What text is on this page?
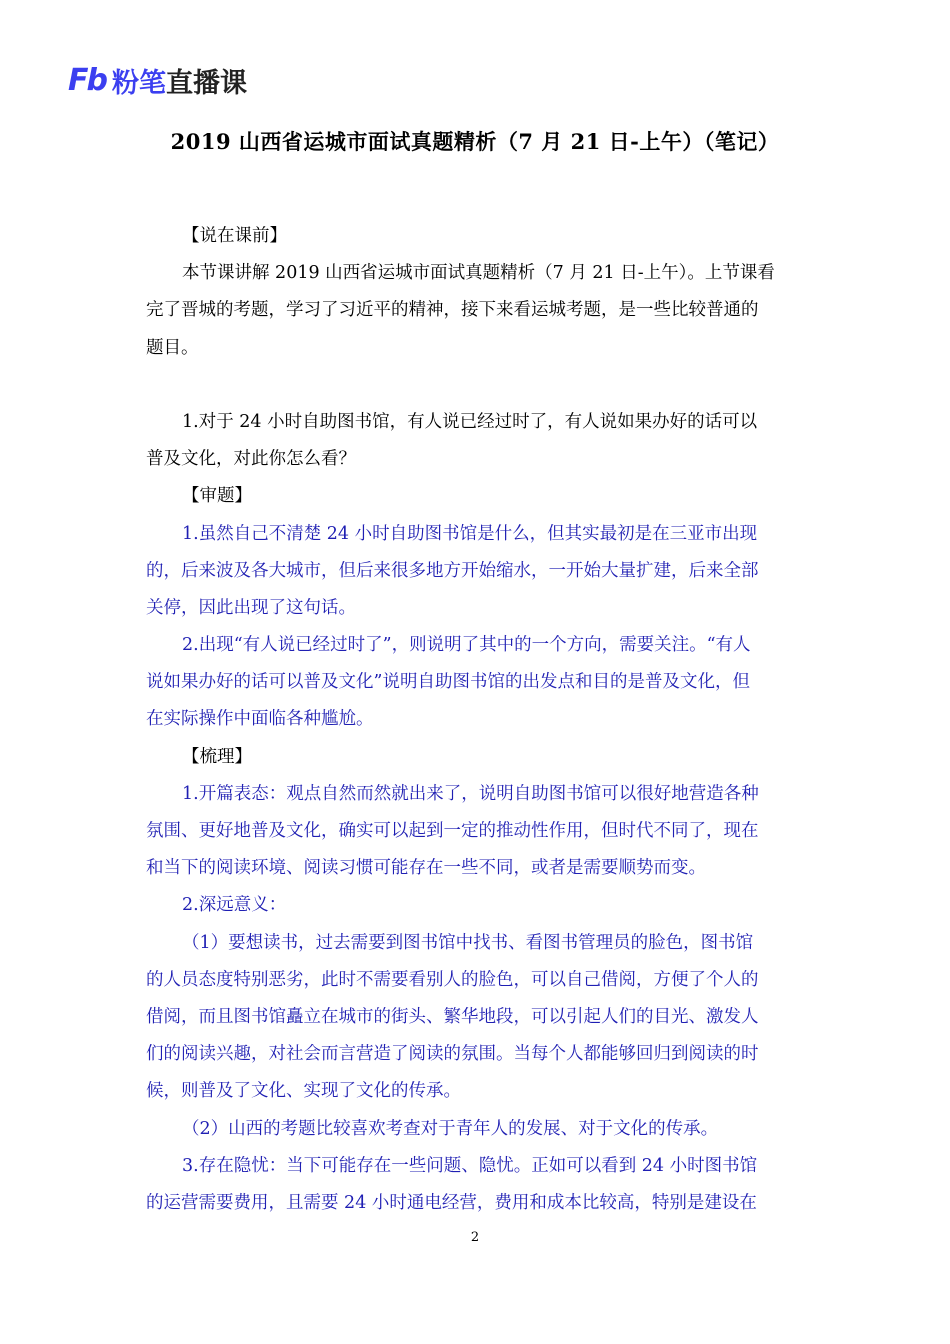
Fb 粉笔直播课
2019 山西省运城市面试真题精析（7 月 21 日-上午）（笔记）
【说在课前】
本节课讲解 2019 山西省运城市面试真题精析（7 月 21 日-上午）。上节课看
完了晋城的考题，学习了习近平的精神，接下来看运城考题，是一些比较普通的
题目。
1.对于 24 小时自助图书馆，有人说已经过时了，有人说如果办好的话可以
普及文化，对此你怎么看？
【审题】
1.虽然自己不清楚 24 小时自助图书馆是什么，但其实最初是在三亚市出现
的，后来波及各大城市，但后来很多地方开始缩水，一开始大量扩建，后来全部
关停，因此出现了这句话。
2.出现“有人说已经过时了”，则说明了其中的一个方向，需要关注。“有人
说如果办好的话可以普及文化”说明自助图书馆的出发点和目的是普及文化，但
在实际操作中面临各种尴尬。
【梳理】
1.开篇表态：观点自然而然就出来了，说明自助图书馆可以很好地营造各种
氛围、更好地普及文化，确实可以起到一定的推动性作用，但时代不同了，现在
和当下的阅读环境、阅读习惯可能存在一些不同，或者是需要顺势而变。
2.深远意义：
（1）要想读书，过去需要到图书馆中找书、看图书管理员的脸色，图书馆
的人员态度特别恶劣，此时不需要看别人的脸色，可以自己借阅，方便了个人的
借阅，而且图书馆矗立在城市的街头、繁华地段，可以引起人们的目光、激发人
们的阅读兴趣，对社会而言营造了阅读的氛围。当每个人都能够回归到阅读的时
候，则普及了文化、实现了文化的传承。
（2）山西的考题比较喜欢考查对于青年人的发展、对于文化的传承。
3.存在隐忧：当下可能存在一些问题、隐忧。正如可以看到 24 小时图书馆
的运营需要费用，且需要 24 小时通电经营，费用和成本比较高，特别是建设在
2
